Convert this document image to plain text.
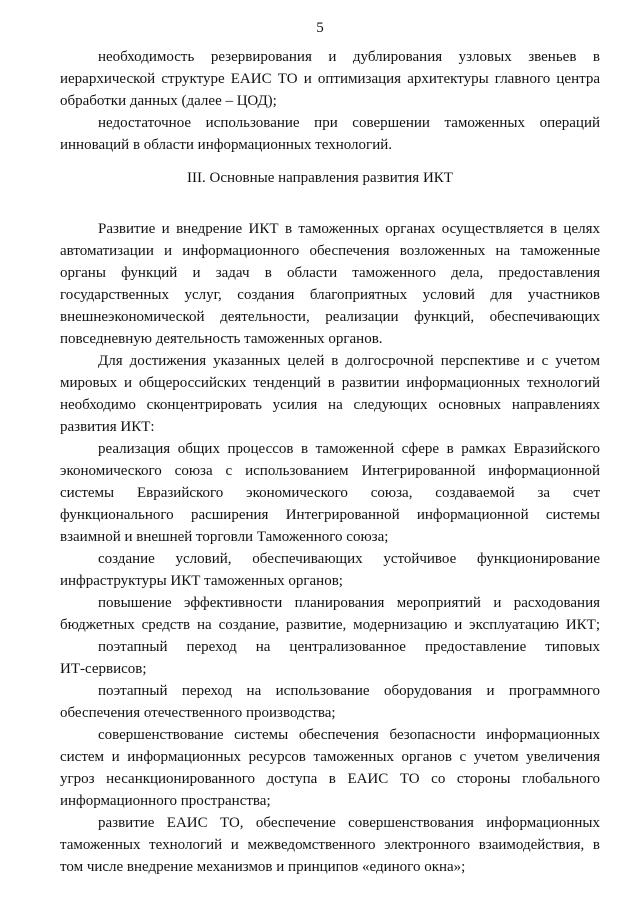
5
необходимость резервирования и дублирования узловых звеньев в
иерархической структуре ЕАИС ТО и оптимизация архитектуры главного центра
обработки данных (далее – ЦОД);
недостаточное использование при совершении таможенных операций
инноваций в области информационных технологий.
III. Основные направления развития ИКТ
Развитие и внедрение ИКТ в таможенных органах осуществляется в целях
автоматизации и информационного обеспечения возложенных на таможенные
органы функций и задач в области таможенного дела, предоставления
государственных услуг, создания благоприятных условий для участников
внешнеэкономической деятельности, реализации функций, обеспечивающих
повседневную деятельность таможенных органов.
Для достижения указанных целей в долгосрочной перспективе и с учетом
мировых и общероссийских тенденций в развитии информационных технологий
необходимо сконцентрировать усилия на следующих основных направлениях
развития ИКТ:
реализация общих процессов в таможенной сфере в рамках Евразийского
экономического союза с использованием Интегрированной информационной
системы Евразийского экономического союза, создаваемой за счет
функционального расширения Интегрированной информационной системы
взаимной и внешней торговли Таможенного союза;
создание условий, обеспечивающих устойчивое функционирование
инфраструктуры ИКТ таможенных органов;
повышение эффективности планирования мероприятий и расходования
бюджетных средств на создание, развитие, модернизацию и эксплуатацию ИКТ;
поэтапный переход на централизованное предоставление типовых
ИТ-сервисов;
поэтапный переход на использование оборудования и программного
обеспечения отечественного производства;
совершенствование системы обеспечения безопасности информационных
систем и информационных ресурсов таможенных органов с учетом увеличения
угроз несанкционированного доступа в ЕАИС ТО со стороны глобального
информационного пространства;
развитие ЕАИС ТО, обеспечение совершенствования информационных
таможенных технологий и межведомственного электронного взаимодействия, в
том числе внедрение механизмов и принципов «единого окна»;
